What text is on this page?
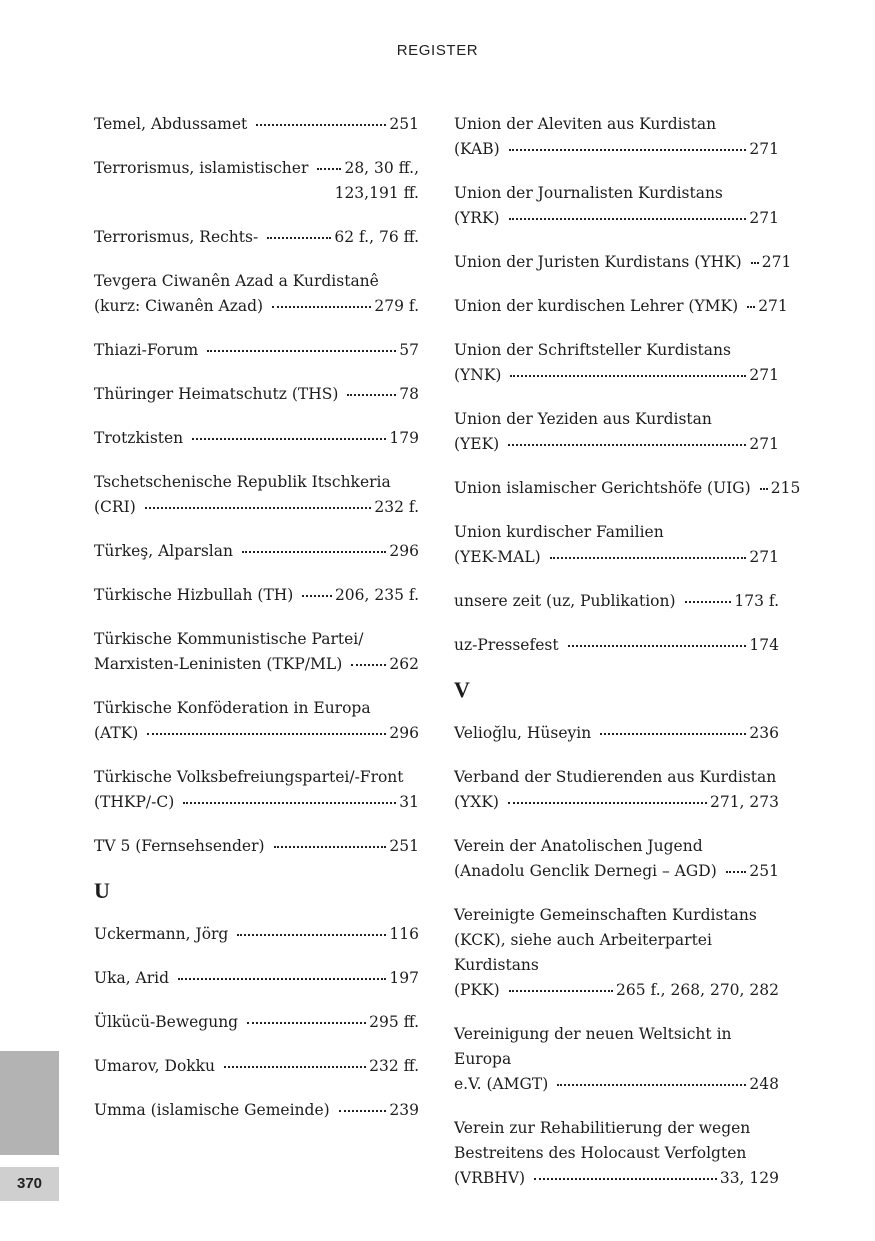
REGISTER
Temel, Abdussamet	251
Terrorismus, islamistischer 28, 30 ff.,
123,191 ff.
Terrorismus, Rechts-	62 f., 76 ff.
Tevgera Ciwanên Azad a Kurdistanê
(kurz: Ciwanên Azad)	279 f.
Thiazi-Forum	57
Thüringer Heimatschutz (THS)	78
Trotzkisten	179
Tschetschenische Republik Itschkeria
(CRI)	232 f.
Türkeş, Alparslan	296
Türkische Hizbullah (TH)	206, 235 f.
Türkische Kommunistische Partei/
Marxisten-Leninisten (TKP/ML)	262
Türkische Konföderation in Europa
(ATK)	296
Türkische Volksbefreiungspartei/-Front
(THKP/-C)	31
TV 5 (Fernsehsender)	251
U
Uckermann, Jörg	116
Uka, Arid	197
Ülkücü-Bewegung	295 ff.
Umarov, Dokku	232 ff.
Umma (islamische Gemeinde)	239
Union der Aleviten aus Kurdistan
(KAB)	271
Union der Journalisten Kurdistans
(YRK)	271
Union der Juristen Kurdistans (YHK) 271
Union der kurdischen Lehrer (YMK) 271
Union der Schriftsteller Kurdistans
(YNK)	271
Union der Yeziden aus Kurdistan
(YEK)	271
Union islamischer Gerichtshöfe (UIG) 215
Union kurdischer Familien
(YEK-MAL)	271
unsere zeit (uz, Publikation)	173 f.
uz-Pressefest	174
V
Velioğlu, Hüseyin	236
Verband der Studierenden aus Kurdistan
(YXK)	271, 273
Verein der Anatolischen Jugend
(Anadolu Genclik Dernegi – AGD) 251
Vereinigte Gemeinschaften Kurdistans
(KCK), siehe auch Arbeiterpartei Kurdistans
(PKK)	265 f., 268, 270, 282
Vereinigung der neuen Weltsicht in Europa
e.V. (AMGT)	248
Verein zur Rehabilitierung der wegen
Bestreitens des Holocaust Verfolgten
(VRBHV)	33, 129
370
